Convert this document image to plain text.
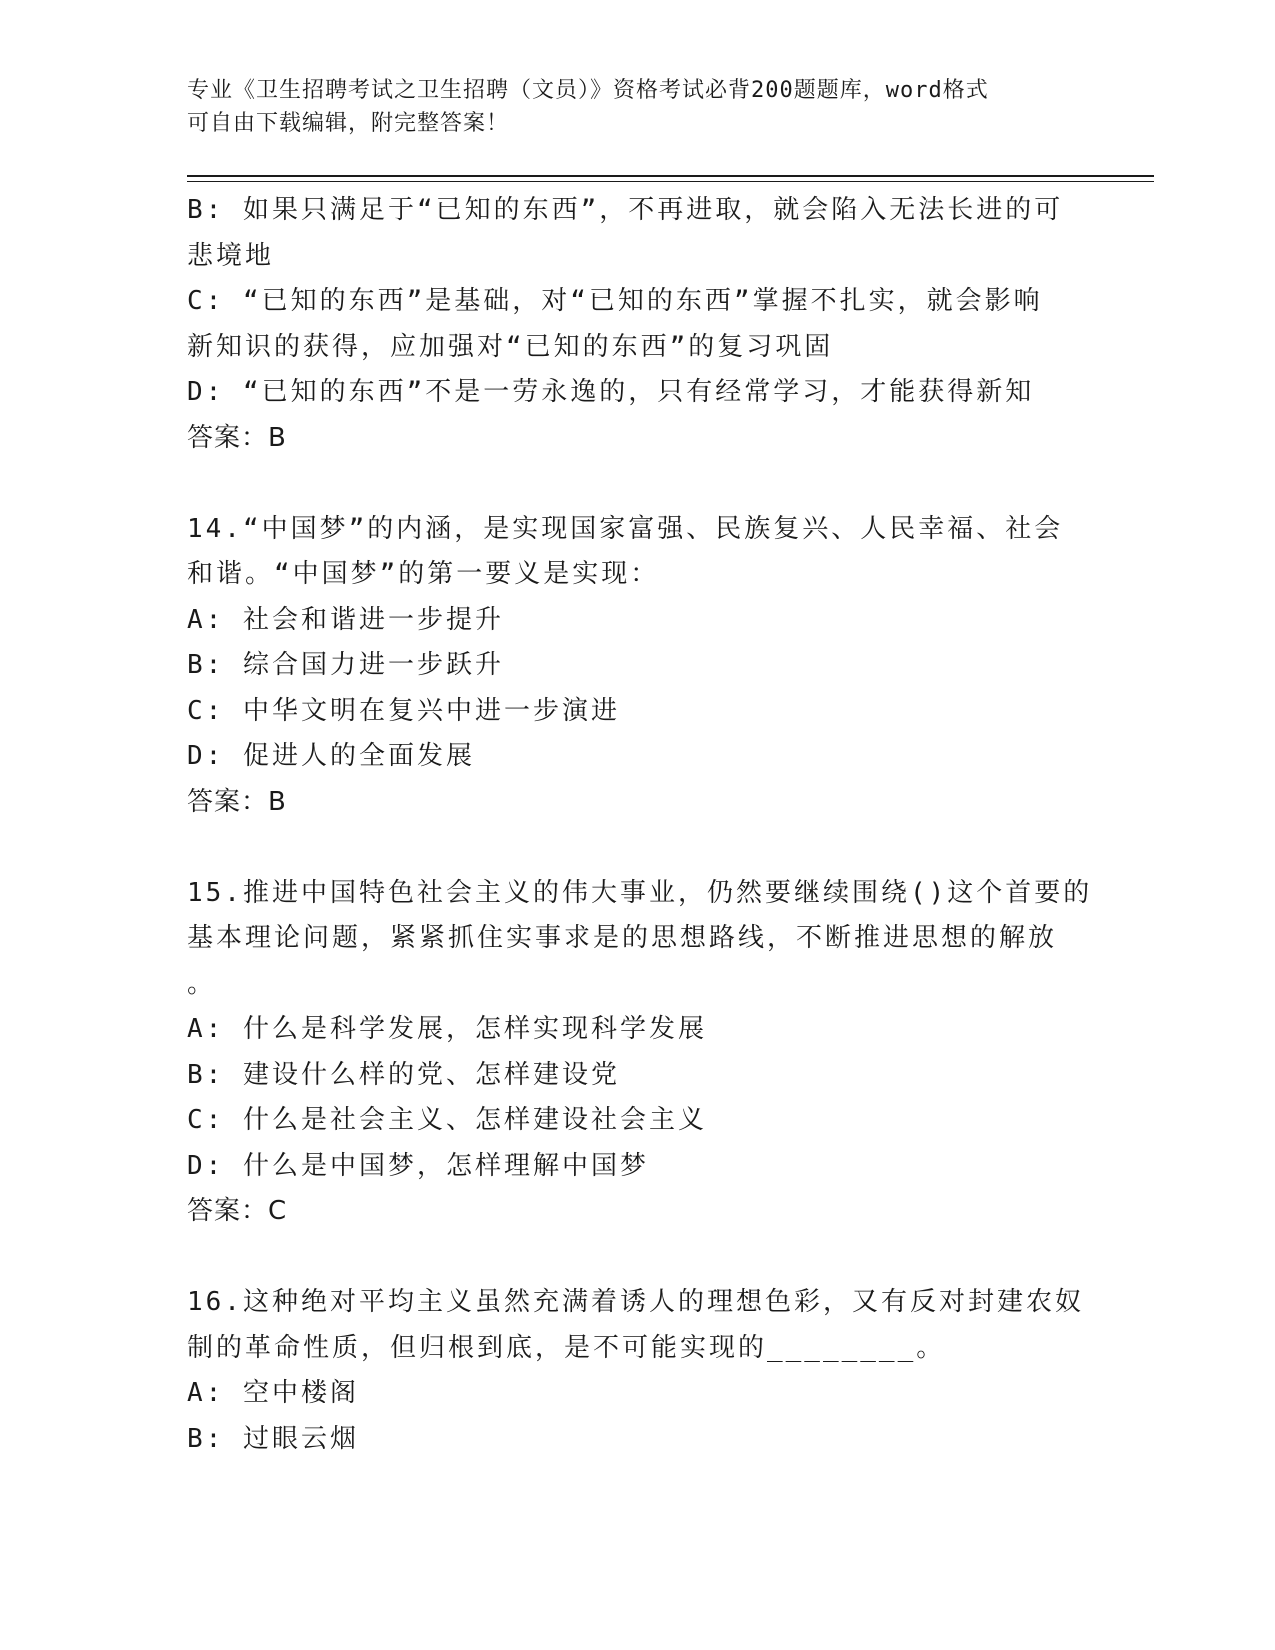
专业《卫生招聘考试之卫生招聘（文员）》资格考试必背200题题库，word格式
可自由下载编辑，附完整答案！
B: 如果只满足于“已知的东西”，不再进取，就会陷入无法长进的可
悲境地
C: “已知的东西”是基础，对“已知的东西”掌握不扎实，就会影响
新知识的获得，应加强对“已知的东西”的复习巩固
D: “已知的东西”不是一劳永逸的，只有经常学习，才能获得新知
答案：B
14.“中国梦”的内涵，是实现国家富强、民族复兴、人民幸福、社会
和谐。“中国梦”的第一要义是实现：
A: 社会和谐进一步提升
B: 综合国力进一步跃升
C: 中华文明在复兴中进一步演进
D: 促进人的全面发展
答案：B
15.推进中国特色社会主义的伟大事业，仍然要继续围绕()这个首要的
基本理论问题，紧紧抓住实事求是的思想路线，不断推进思想的解放
。
A: 什么是科学发展，怎样实现科学发展
B: 建设什么样的党、怎样建设党
C: 什么是社会主义、怎样建设社会主义
D: 什么是中国梦，怎样理解中国梦
答案：C
16.这种绝对平均主义虽然充满着诱人的理想色彩，又有反对封建农奴
制的革命性质，但归根到底，是不可能实现的________。
A: 空中楼阁
B: 过眼云烟
